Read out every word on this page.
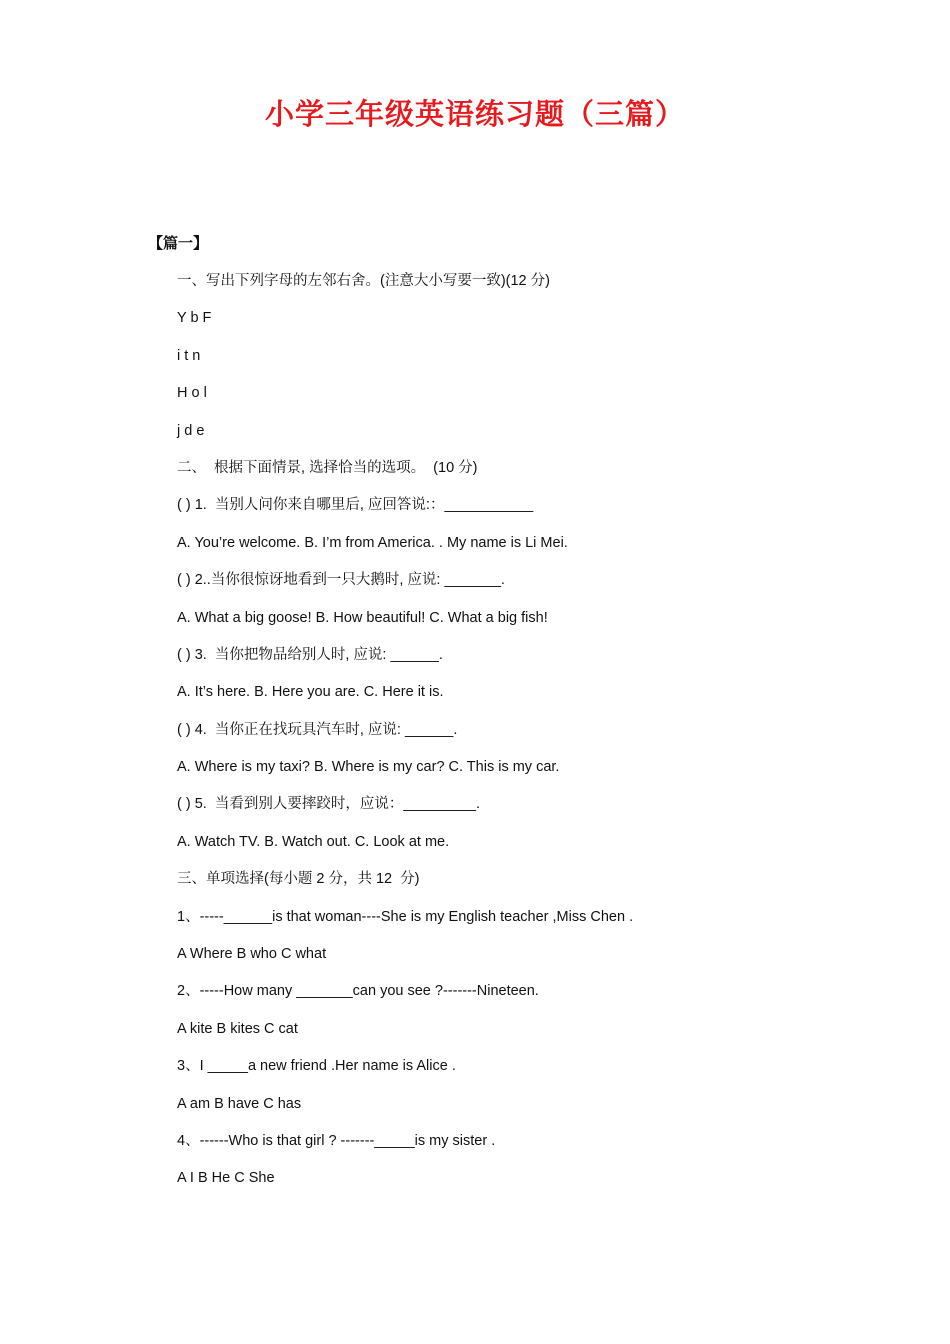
小学三年级英语练习题（三篇）

【篇一】

一、写出下列字母的左邻右舍。(注意大小写要一致)(12 分)
Y b F
i t n
H o l
j d e
二、  根据下面情景, 选择恰当的选项。  (10 分)
( ) 1.  当别人问你来自哪里后, 应回答说:：___________
A. You’re welcome. B. I’m from America. . My name is Li Mei.
( ) 2..当你很惊讶地看到一只大鹅时, 应说: _______.
A. What a big goose! B. How beautiful! C. What a big fish!
( ) 3.  当你把物品给别人时, 应说: ______.
A. It’s here. B. Here you are. C. Here it is.
( ) 4.  当你正在找玩具汽车时, 应说: ______.
A. Where is my taxi? B. Where is my car? C. This is my car.
( ) 5.  当看到别人要摔跤时，应说：_________.
A. Watch TV. B. Watch out. C. Look at me.
三、单项选择(每小题 2 分，共 12  分)
1、-----______is that woman----She is my English teacher ,Miss Chen .
A Where B who C what
2、-----How many _______can you see ?-------Nineteen.
A kite B kites C cat
3、I _____a new friend .Her name is Alice .
A am B have C has
4、------Who is that girl ? -------_____is my sister .
A I B He C She
